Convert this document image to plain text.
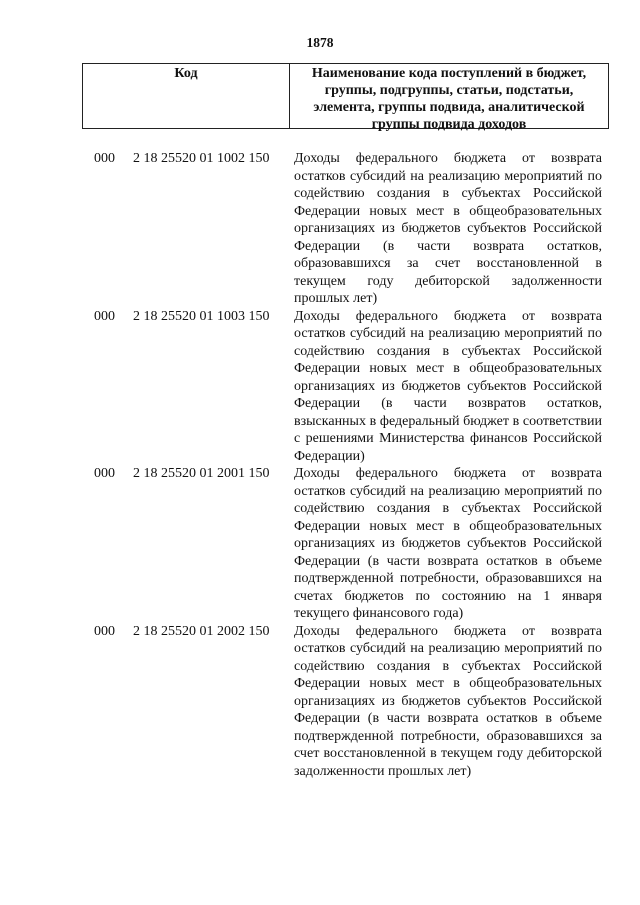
1878
Код	Наименование кода поступлений в бюджет, группы, подгруппы, статьи, подстатьи, элемента, группы подвида, аналитической группы подвида доходов
000 2 18 25520 01 1002 150 Доходы федерального бюджета от возврата остатков субсидий на реализацию мероприятий по содействию создания в субъектах Российской Федерации новых мест в общеобразовательных организациях из бюджетов субъектов Российской Федерации (в части возврата остатков, образовавшихся за счет восстановленной в текущем году дебиторской задолженности прошлых лет)
000 2 18 25520 01 1003 150 Доходы федерального бюджета от возврата остатков субсидий на реализацию мероприятий по содействию создания в субъектах Российской Федерации новых мест в общеобразовательных организациях из бюджетов субъектов Российской Федерации (в части возвратов остатков, взысканных в федеральный бюджет в соответствии с решениями Министерства финансов Российской Федерации)
000 2 18 25520 01 2001 150 Доходы федерального бюджета от возврата остатков субсидий на реализацию мероприятий по содействию создания в субъектах Российской Федерации новых мест в общеобразовательных организациях из бюджетов субъектов Российской Федерации (в части возврата остатков в объеме подтвержденной потребности, образовавшихся на счетах бюджетов по состоянию на 1 января текущего финансового года)
000 2 18 25520 01 2002 150 Доходы федерального бюджета от возврата остатков субсидий на реализацию мероприятий по содействию создания в субъектах Российской Федерации новых мест в общеобразовательных организациях из бюджетов субъектов Российской Федерации (в части возврата остатков в объеме подтвержденной потребности, образовавшихся за счет восстановленной в текущем году дебиторской задолженности прошлых лет)
